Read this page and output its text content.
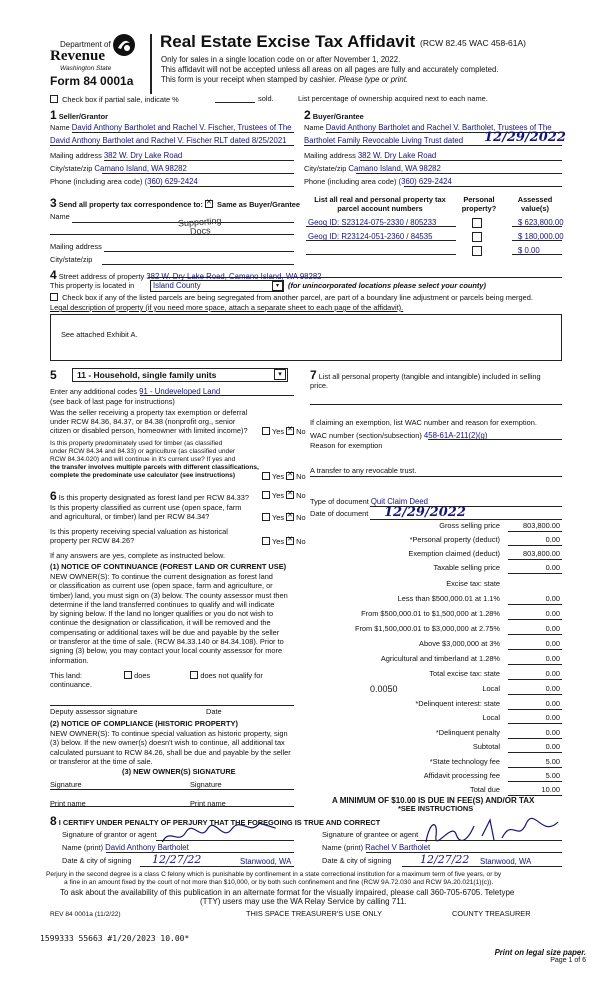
Department of
Revenue
Washington State
Form 84 0001a
Real Estate Excise Tax Affidavit (RCW 82.45 WAC 458-61A)
Only for sales in a single location code on or after November 1, 2022.
This affidavit will not be accepted unless all areas on all pages are fully and accurately completed.
This form is your receipt when stamped by cashier. Please type or print.
Check box if partial sale, indicate %	sold.	List percentage of ownership acquired next to each name.
1 Seller/Grantor
Name David Anthony Bartholet and Rachel V. Fischer, Trustees of The
David Anthony Bartholet and Rachel V. Fischer RLT dated 8/25/2021
Mailing address 382 W. Dry Lake Road
City/state/zip Camano Island, WA 98282
Phone (including area code) (360) 629-2424
2 Buyer/Grantee
Name David Anthony Bartholet and Rachel V. Bartholet, Trustees of The
Bartholet Family Revocable Living Trust dated 12/29/2022
Mailing address 382 W. Dry Lake Road
City/state/zip Camano Island, WA 98282
Phone (including area code) (360) 629-2424
3 Send all property tax correspondence to: ✕ Same as Buyer/Grantee
Name	Supporting Docs
Mailing address
City/state/zip
List all real and personal property tax parcel account numbers
Personal property?
Assessed value(s)
Geoq ID: S23124-075-2330 / 805233	$ 623,800.00
Geog ID: R23124-051-2360 / 84535	$ 180,000.00
$ 0.00
4 Street address of property 382 W. Dry Lake Road, Camano Island, WA 98282
This property is located in Island County	▾	(for unincorporated locations please select your county)
Check box if any of the listed parcels are being segregated from another parcel, are part of a boundary line adjustment or parcels being merged.
Legal description of property (if you need more space, attach a separate sheet to each page of the affidavit).
See attached Exhibit A.
5 11 - Household, single family units	▾
Enter any additional codes 91 - Undeveloped Land
(see back of last page for instructions)
Was the seller receiving a property tax exemption or deferral
under RCW 84.36, 84.37, or 84.38 (nonprofit org., senior
citizen or disabled person, homeowner with limited income)?	Yes ✕ No
Is this property predominately used for timber (as classified
under RCW 84.34 and 84.33) or agriculture (as classified under
RCW 84.34.020) and will continue in it's current use? If yes and
the transfer involves multiple parcels with different classifications,
complete the predominate use calculator (see instructions)	Yes ✕ No
6 Is this property designated as forest land per RCW 84.33?	Yes ✕ No
Is this property classified as current use (open space, farm
and agricultural, or timber) land per RCW 84.34?	Yes ✕ No
Is this property receiving special valuation as historical
property per RCW 84.26?	Yes ✕ No
If any answers are yes, complete as instructed below.
(1) NOTICE OF CONTINUANCE (FOREST LAND OR CURRENT USE)
NEW OWNER(S): To continue the current designation as forest land
or classification as current use (open space, farm and agriculture, or
timber) land, you must sign on (3) below. The county assessor must then
determine if the land transferred continues to qualify and will indicate
by signing below. If the land no longer qualifies or you do not wish to
continue the designation or classification, it will be removed and the
compensating or additional taxes will be due and payable by the seller
or transferor at the time of sale. (RCW 84.33.140 or 84.34.108). Prior to
signing (3) below, you may contact your local county assessor for more
information.
This land:	does	does not qualify for
continuance.
Deputy assessor signature	Date
(2) NOTICE OF COMPLIANCE (HISTORIC PROPERTY)
NEW OWNER(S): To continue special valuation as historic property, sign
(3) below. If the new owner(s) doesn't wish to continue, all additional tax
calculated pursuant to RCW 84.26, shall be due and payable by the seller
or transferor at the time of sale.
(3) NEW OWNER(S) SIGNATURE
Signature	Signature
Print name	Print name
7 List all personal property (tangible and intangible) included in selling price.
If claiming an exemption, list WAC number and reason for exemption.
WAC number (section/subsection) 458-61A-211(2)(g)
Reason for exemption
A transfer to any revocable trust.
Type of document Quit Claim Deed
Date of document 12/29/2022
Gross selling price	803,800.00
*Personal property (deduct)	0.00
Exemption claimed (deduct)	803,800.00
Taxable selling price	0.00
Excise tax: state
Less than $500,000.01 at 1.1%	0.00
From $500,000.01 to $1,500,000 at 1.28%	0.00
From $1,500,000.01 to $3,000,000 at 2.75%	0.00
Above $3,000,000 at 3%	0.00
Agricultural and timberland at 1.28%	0.00
Total excise tax: state	0.00
0.0050	Local	0.00
*Delinquent interest: state	0.00
Local	0.00
*Delinquent penalty	0.00
Subtotal	0.00
*State technology fee	5.00
Affidavit processing fee	5.00
Total due	10.00
A MINIMUM OF $10.00 IS DUE IN FEE(S) AND/OR TAX
*SEE INSTRUCTIONS
8 I CERTIFY UNDER PENALTY OF PERJURY THAT THE FOREGOING IS TRUE AND CORRECT
Signature of grantor or agent
Name (print) David Anthony Bartholet
Date & city of signing 12/27/22	Stanwood, WA
Signature of grantee or agent
Name (print) Rachel V Bartholet
Date & city of signing	12/27/22 Stanwood, WA
Perjury in the second degree is a class C felony which is punishable by confinement in a state correctional institution for a maximum term of five years, or by
a fine in an amount fixed by the court of not more than $10,000, or by both such confinement and fine (RCW 9A.72.030 and RCW 9A.20.021(1)(c)).
To ask about the availability of this publication in an alternate format for the visually impaired, please call 360-705-6705. Teletype
(TTY) users may use the WA Relay Service by calling 711.
REV 84 0001a (11/2/22)	THIS SPACE TREASURER'S USE ONLY	COUNTY TREASURER
1599333 55663 #1/20/2023 10.00*
Print on legal size paper.
Page 1 of 6
